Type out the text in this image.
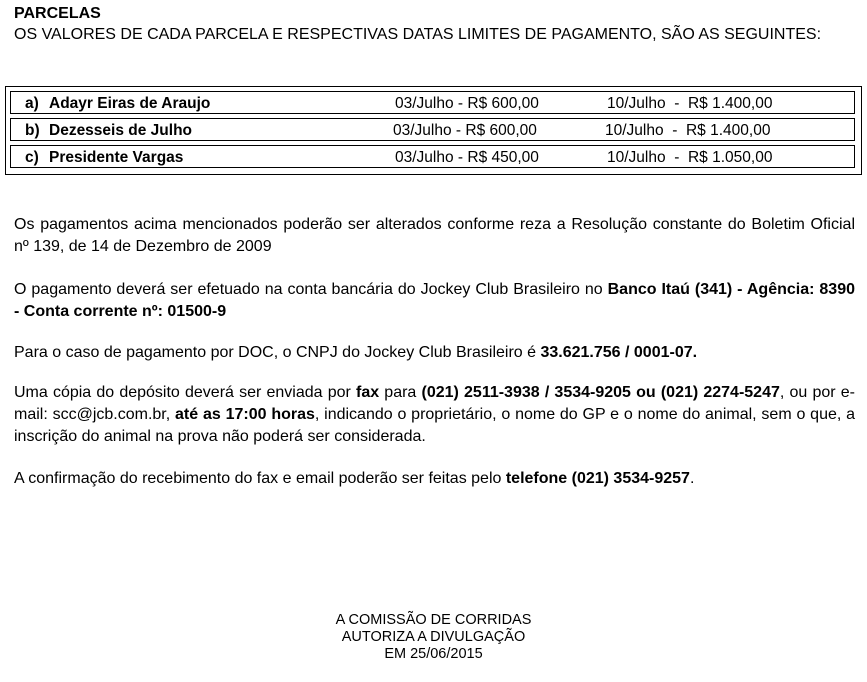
PARCELAS
OS VALORES DE CADA PARCELA E RESPECTIVAS DATAS LIMITES DE PAGAMENTO, SÃO AS SEGUINTES:
a) Adayr Eiras de Araujo	03/Julho - R$ 600,00	10/Julho  -  R$ 1.400,00
b) Dezesseis de Julho	03/Julho - R$ 600,00	10/Julho  -  R$ 1.400,00
c) Presidente Vargas	03/Julho - R$ 450,00	10/Julho  -  R$ 1.050,00
Os pagamentos acima mencionados poderão ser alterados conforme reza a Resolução constante do Boletim Oficial nº 139, de 14 de Dezembro de 2009
O pagamento deverá ser efetuado na conta bancária do Jockey Club Brasileiro no Banco Itaú (341) - Agência: 8390 - Conta corrente nº: 01500-9
Para o caso de pagamento por DOC, o CNPJ do Jockey Club Brasileiro é 33.621.756 / 0001-07.
Uma cópia do depósito deverá ser enviada por fax para (021) 2511-3938 / 3534-9205 ou (021) 2274-5247, ou por e-mail: scc@jcb.com.br, até as 17:00 horas, indicando o proprietário, o nome do GP e o nome do animal, sem o que, a inscrição do animal na prova não poderá ser considerada.
A confirmação do recebimento do fax e email poderão ser feitas pelo telefone (021) 3534-9257.
A COMISSÃO DE CORRIDAS
AUTORIZA A DIVULGAÇÃO
EM 25/06/2015
